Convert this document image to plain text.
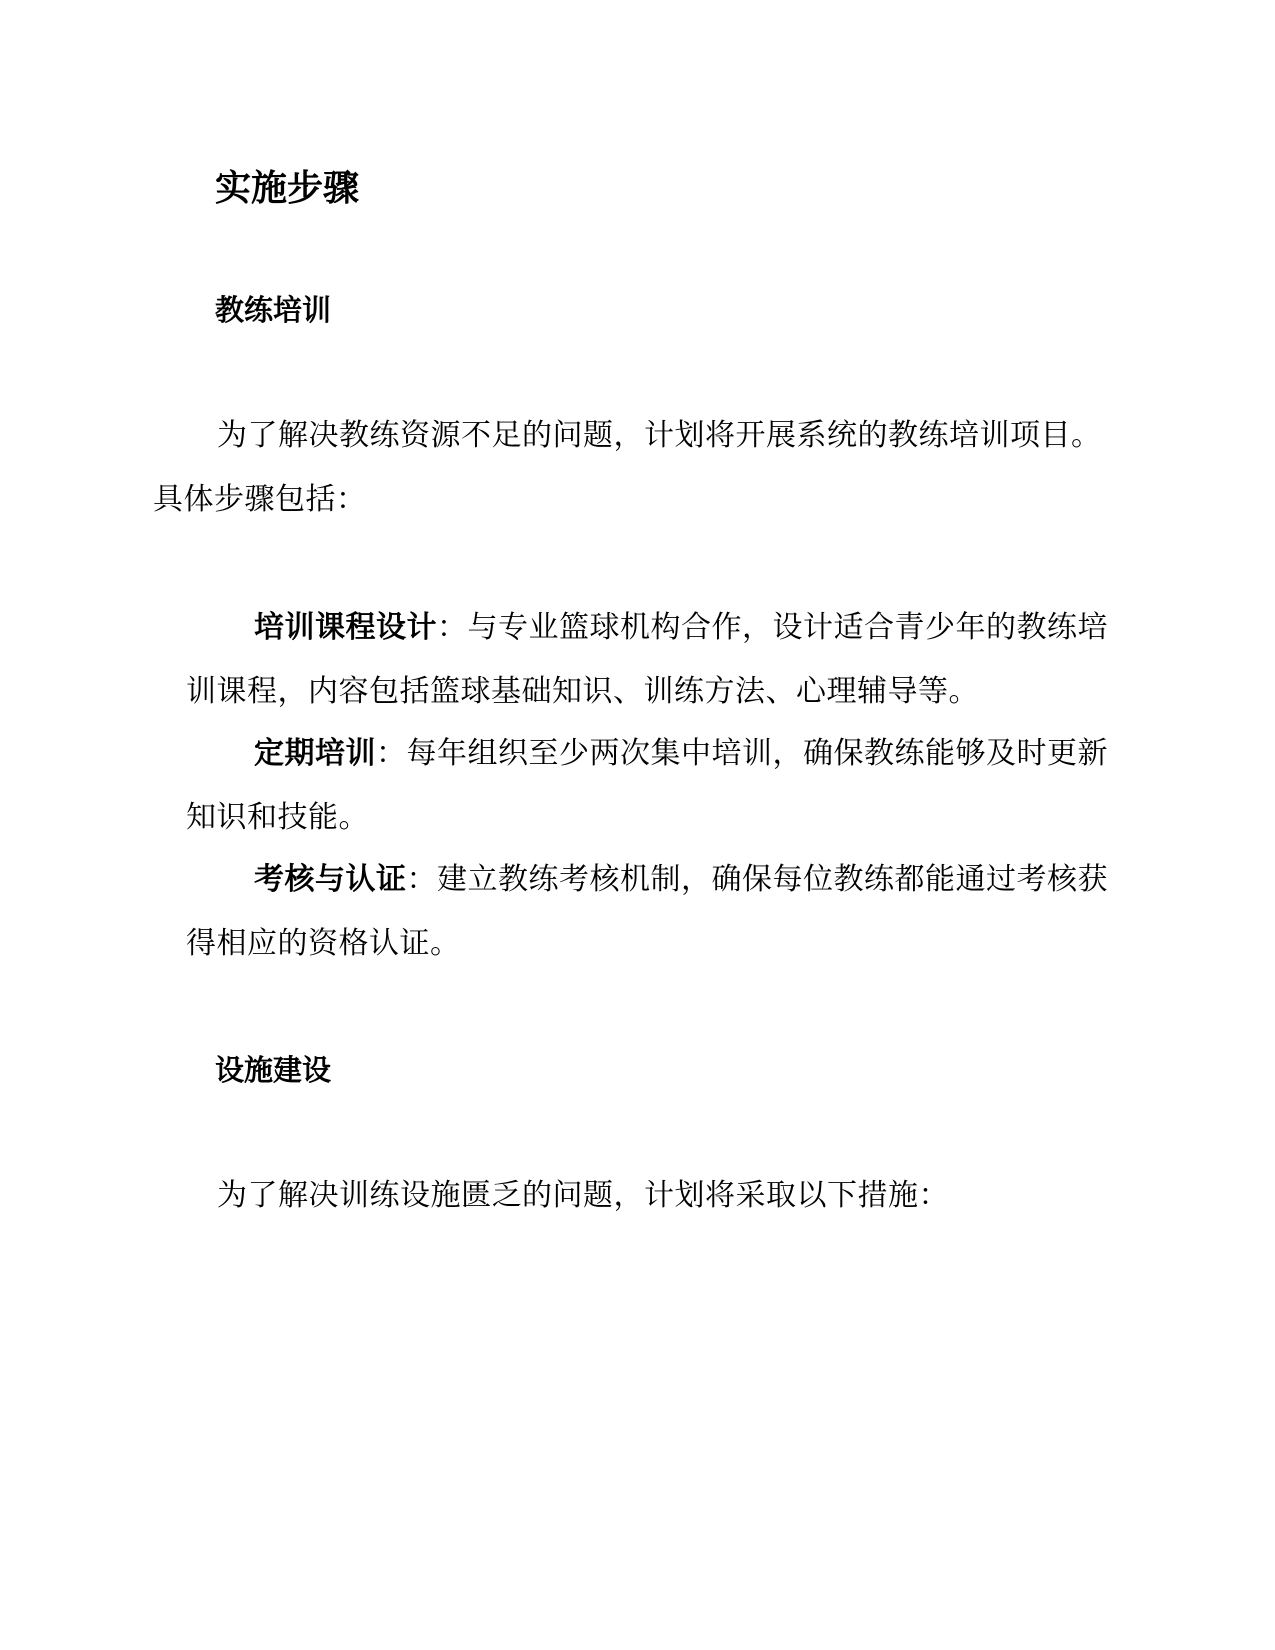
实施步骤
教练培训

为了解决教练资源不足的问题，计划将开展系统的教练培训项目。具体步骤包括：

培训课程设计：与专业篮球机构合作，设计适合青少年的教练培训课程，内容包括篮球基础知识、训练方法、心理辅导等。

定期培训：每年组织至少两次集中培训，确保教练能够及时更新知识和技能。

考核与认证：建立教练考核机制，确保每位教练都能通过考核获得相应的资格认证。

设施建设

为了解决训练设施匮乏的问题，计划将采取以下措施：
